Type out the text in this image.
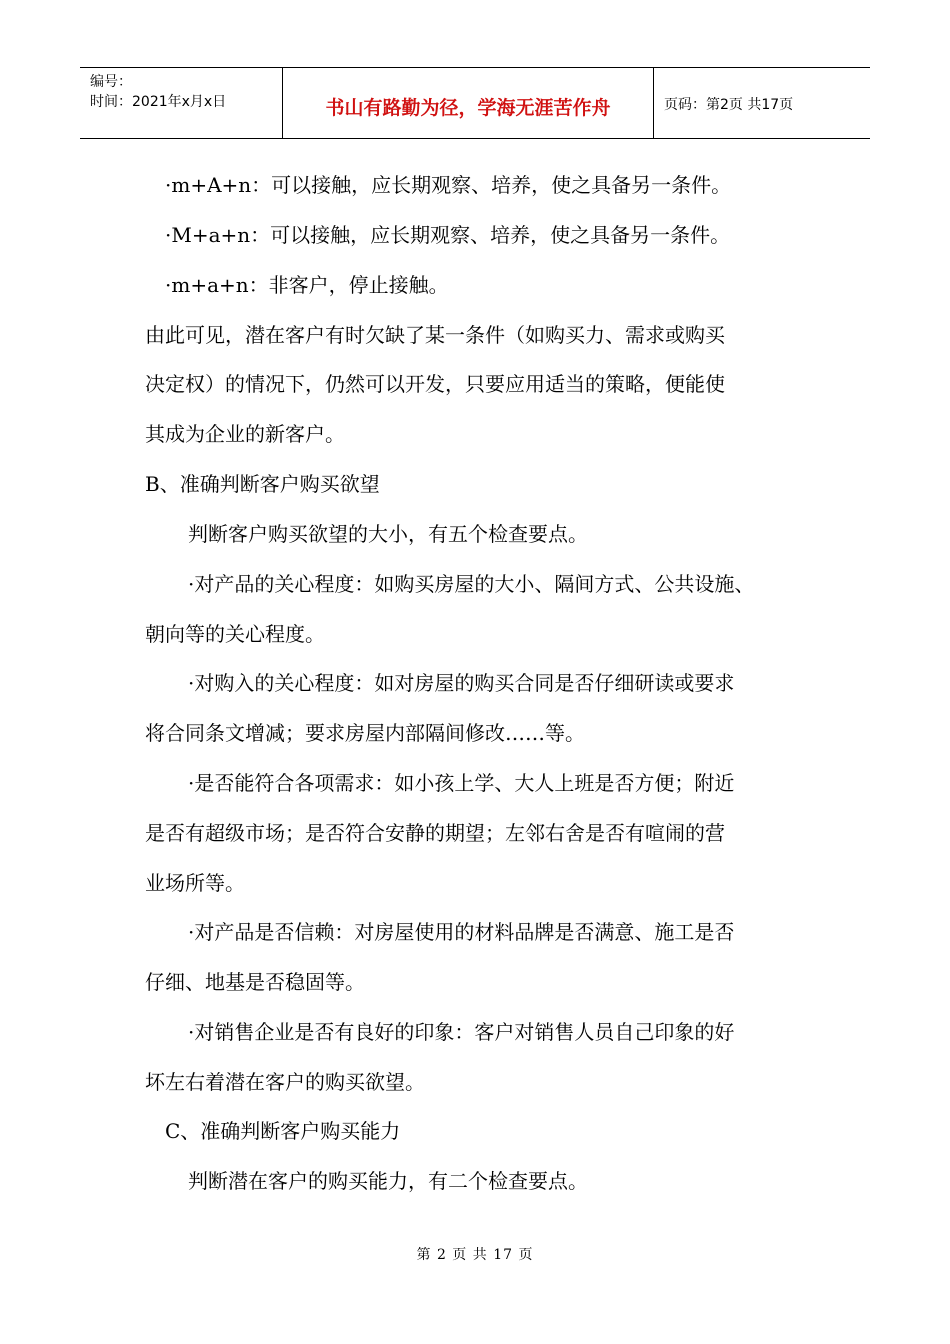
编号：
时间：2021年x月x日	书山有路勤为径，学海无涯苦作舟	页码：第2页 共17页
·m+A+n：可以接触，应长期观察、培养，使之具备另一条件。
·M+a+n：可以接触，应长期观察、培养，使之具备另一条件。
·m+a+n：非客户，停止接触。
由此可见，潜在客户有时欠缺了某一条件（如购买力、需求或购买
决定权）的情况下，仍然可以开发，只要应用适当的策略，便能使
其成为企业的新客户。
B、准确判断客户购买欲望
判断客户购买欲望的大小，有五个检查要点。
·对产品的关心程度：如购买房屋的大小、隔间方式、公共设施、
朝向等的关心程度。
·对购入的关心程度：如对房屋的购买合同是否仔细研读或要求
将合同条文增减；要求房屋内部隔间修改……等。
·是否能符合各项需求：如小孩上学、大人上班是否方便；附近
是否有超级市场；是否符合安静的期望；左邻右舍是否有喧闹的营
业场所等。
·对产品是否信赖：对房屋使用的材料品牌是否满意、施工是否
仔细、地基是否稳固等。
·对销售企业是否有良好的印象：客户对销售人员自己印象的好
坏左右着潜在客户的购买欲望。
C、准确判断客户购买能力
判断潜在客户的购买能力，有二个检查要点。
第 2 页 共 17 页
